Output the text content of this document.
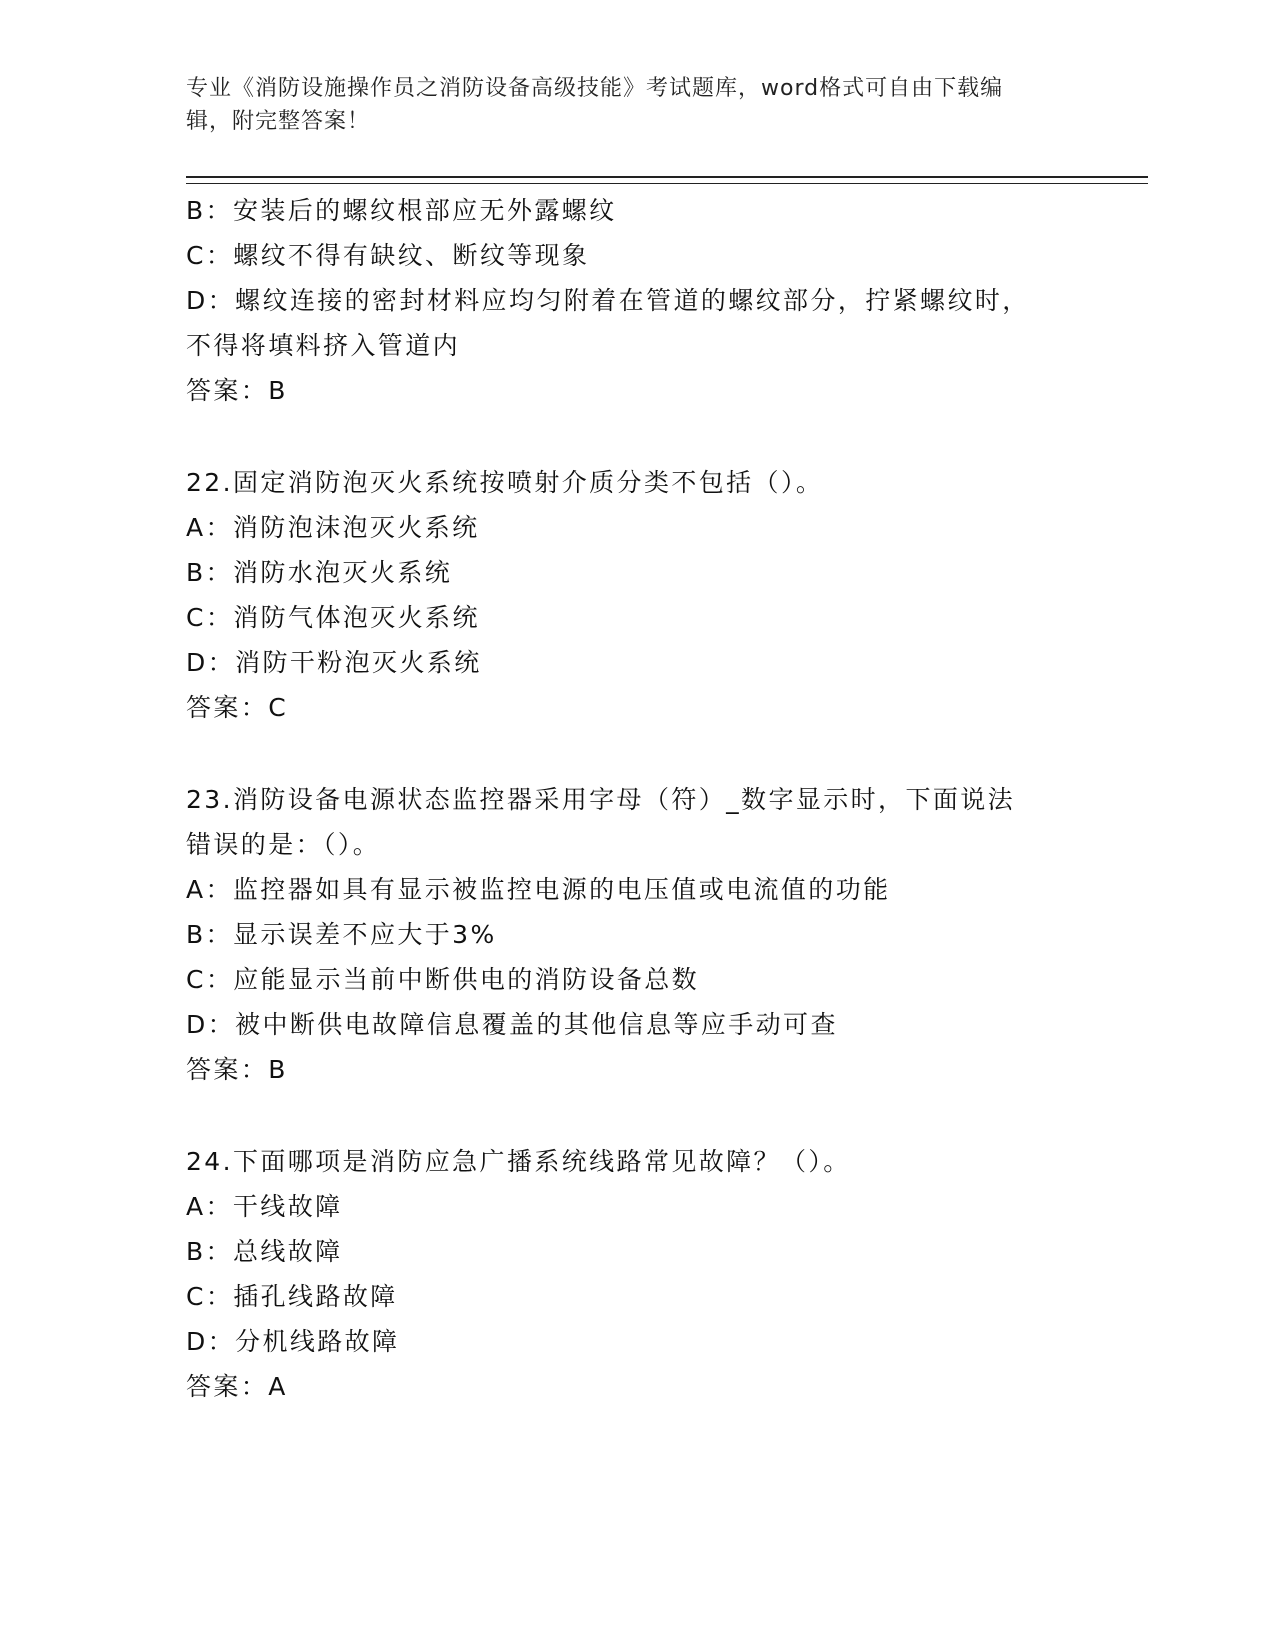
专业《消防设施操作员之消防设备高级技能》考试题库，word格式可自由下载编
辑，附完整答案！
B：安装后的螺纹根部应无外露螺纹
C：螺纹不得有缺纹、断纹等现象
D：螺纹连接的密封材料应均匀附着在管道的螺纹部分，拧紧螺纹时，
不得将填料挤入管道内
答案：B
22.固定消防泡灭火系统按喷射介质分类不包括（）。
A：消防泡沫泡灭火系统
B：消防水泡灭火系统
C：消防气体泡灭火系统
D：消防干粉泡灭火系统
答案：C
23.消防设备电源状态监控器采用字母（符）_数字显示时，下面说法
错误的是：（）。
A：监控器如具有显示被监控电源的电压值或电流值的功能
B：显示误差不应大于3%
C：应能显示当前中断供电的消防设备总数
D：被中断供电故障信息覆盖的其他信息等应手动可查
答案：B
24.下面哪项是消防应急广播系统线路常见故障？（）。
A：干线故障
B：总线故障
C：插孔线路故障
D：分机线路故障
答案：A
